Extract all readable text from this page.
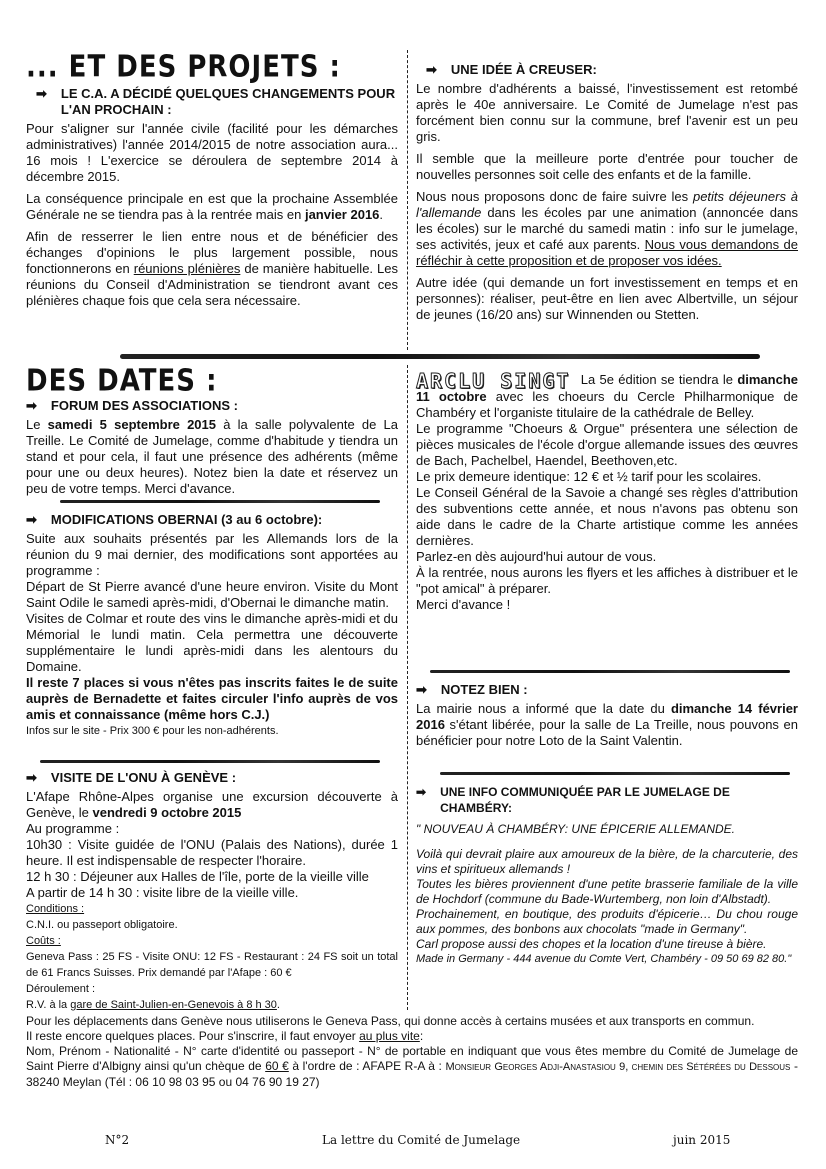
... ET DES PROJETS :
➡ LE C.A. A DÉCIDÉ QUELQUES CHANGEMENTS POUR L'AN PROCHAIN :

Pour s'aligner sur l'année civile (facilité pour les démarches administratives) l'année 2014/2015 de notre association aura... 16 mois ! L'exercice se déroulera de septembre 2014 à décembre 2015.

La conséquence principale en est que la prochaine Assemblée Générale ne se tiendra pas à la rentrée mais en janvier 2016.

Afin de resserrer le lien entre nous et de bénéficier des échanges d'opinions le plus largement possible, nous fonctionnerons en réunions plénières de manière habituelle. Les réunions du Conseil d'Administration se tiendront avant ces plénières chaque fois que cela sera nécessaire.

➡ UNE IDÉE À CREUSER:

Le nombre d'adhérents a baissé, l'investissement est retombé après le 40e anniversaire. Le Comité de Jumelage n'est pas forcément bien connu sur la commune, bref l'avenir est un peu gris.

Il semble que la meilleure porte d'entrée pour toucher de nouvelles personnes soit celle des enfants et de la famille.

Nous nous proposons donc de faire suivre les petits déjeuners à l'allemande dans les écoles par une animation (annoncée dans les écoles) sur le marché du samedi matin : info sur le jumelage, ses activités, jeux et café aux parents. Nous vous demandons de réfléchir à cette proposition et de proposer vos idées.

Autre idée (qui demande un fort investissement en temps et en personnes): réaliser, peut-être en lien avec Albertville, un séjour de jeunes (16/20 ans) sur Winnenden ou Stetten.

DES DATES :
➡ FORUM DES ASSOCIATIONS :

Le samedi 5 septembre 2015 à la salle polyvalente de La Treille. Le Comité de Jumelage, comme d'habitude y tiendra un stand et pour cela, il faut une présence des adhérents (même pour une ou deux heures). Notez bien la date et réservez un peu de votre temps. Merci d'avance.

➡ MODIFICATIONS OBERNAI (3 au 6 octobre):

Suite aux souhaits présentés par les Allemands lors de la réunion du 9 mai dernier, des modifications sont apportées au programme :

Départ de St Pierre avancé d'une heure environ. Visite du Mont Saint Odile le samedi après-midi, d'Obernai le dimanche matin.

Visites de Colmar et route des vins le dimanche après-midi et du Mémorial le lundi matin. Cela permettra une découverte supplémentaire le lundi après-midi dans les alentours du Domaine.

Il reste 7 places si vous n'êtes pas inscrits faites le de suite auprès de Bernadette et faites circuler l'info auprès de vos amis et connaissance (même hors C.J.)

Infos sur le site - Prix 300 € pour les non-adhérents.

➡ VISITE DE L'ONU À GENÈVE :

L'Afape Rhône-Alpes organise une excursion découverte à Genève, le vendredi 9 octobre 2015

Au programme :

10h30 : Visite guidée de l'ONU (Palais des Nations), durée 1 heure. Il est indispensable de respecter l'horaire.

12 h 30 : Déjeuner aux Halles de l'île, porte de la vieille ville

A partir de 14 h 30 : visite libre de la vieille ville.

Conditions :

C.N.I. ou passeport obligatoire.

Coûts :

Geneva Pass : 25 FS - Visite ONU: 12 FS - Restaurant : 24 FS soit un total de 61 Francs Suisses. Prix demandé par l'Afape : 60 €

Déroulement :

R.V. à la gare de Saint-Julien-en-Genevois à 8 h 30.

ARCLU SINGT La 5e édition se tiendra le dimanche 11 octobre avec les choeurs du Cercle Philharmonique de Chambéry et l'organiste titulaire de la cathédrale de Belley.

Le programme "Choeurs & Orgue" présentera une sélection de pièces musicales de l'école d'orgue allemande issues des œuvres de Bach, Pachelbel, Haendel, Beethoven,etc.

Le prix demeure identique: 12 € et ½ tarif pour les scolaires.

Le Conseil Général de la Savoie a changé ses règles d'attribution des subventions cette année, et nous n'avons pas obtenu son aide dans le cadre de la Charte artistique comme les années dernières.

Parlez-en dès aujourd'hui autour de vous.

À la rentrée, nous aurons les flyers et les affiches à distribuer et le "pot amical" à préparer.

Merci d'avance !

➡ NOTEZ BIEN :

La mairie nous a informé que la date du dimanche 14 février 2016 s'étant libérée, pour la salle de La Treille, nous pouvons en bénéficier pour notre Loto de la Saint Valentin.

➡ UNE INFO COMMUNIQUÉE PAR LE JUMELAGE DE CHAMBÉRY:

" NOUVEAU À CHAMBÉRY: UNE ÉPICERIE ALLEMANDE.

Voilà qui devrait plaire aux amoureux de la bière, de la charcuterie, des vins et spiritueux allemands !

Toutes les bières proviennent d'une petite brasserie familiale de la ville de Hochdorf (commune du Bade-Wurtemberg, non loin d'Albstadt).

Prochainement, en boutique, des produits d'épicerie… Du chou rouge aux pommes, des bonbons aux chocolats "made in Germany".

Carl propose aussi des chopes et la location d'une tireuse à bière.

Made in Germany - 444 avenue du Comte Vert, Chambéry - 09 50 69 82 80."

Pour les déplacements dans Genève nous utiliserons le Geneva Pass, qui donne accès à certains musées et aux transports en commun.

Il reste encore quelques places. Pour s'inscrire, il faut envoyer au plus vite:

Nom, Prénom - Nationalité - N° carte d'identité ou passeport - N° de portable en indiquant que vous êtes membre du Comité de Jumelage de Saint Pierre d'Albigny ainsi qu'un chèque de 60 € à l'ordre de : AFAPE R-A à : Monsieur Georges Adji-Anastasiou 9, chemin des Sétérées du Dessous - 38240 Meylan (Tél : 06 10 98 03 95 ou 04 76 90 19 27)

N°2	La lettre du Comité de Jumelage	juin 2015
